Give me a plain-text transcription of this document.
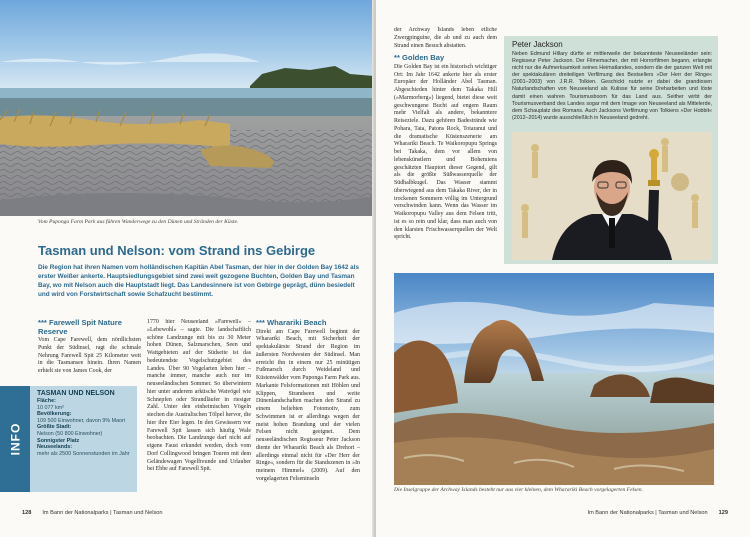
Vom Puponga Farm Park aus führen Wanderwege zu den Dünen und Stränden der Küste.
Tasman und Nelson: vom Strand ins Gebirge
Die Region hat ihren Namen vom holländischen Kapitän Abel Tasman, der hier in der Golden Bay 1642 als erster Weißer ankerte. Hauptsiedlungsgebiet sind zwei weit gezogene Buchten, Golden Bay und Tasman Bay, wo mit Nelson auch die Hauptstadt liegt. Das Landesinnere ist von Gebirge geprägt, dünn besiedelt und wird von Forstwirtschaft sowie Schafzucht bestimmt.
*** Farewell Spit Nature Reserve

Vom Cape Farewell, dem nördlichsten Punkt der Südinsel, ragt die schmale Nehrung Farewell Spit 25 Kilometer weit in die Tasmansee hinein. Ihren Namen erhielt sie von James Cook, der

1770 hier Neuseeland »Farewell« – »Lebewohl« – sagte. Die landschaftlich schöne Landzunge mit bis zu 30 Meter hohen Dünen, Salzmarschen, Seen und Wattgebieten auf der Südseite ist das bedeutendste Vogelschutzgebiet des Landes. Über 90 Vogelarten leben hier – manche immer, manche auch nur im neuseeländischen Sommer. So überwintern hier unter anderem arktische Watvögel wie Schnepfen oder Strandläufer in riesiger Zahl. Unter den einheimischen Vögeln stechen die Australischen Tölpel hervor, die hier ihre Eier legen. In den Gewässern vor Farewell Spit lassen sich häufig Wale beobachten. Die Landzunge darf nicht auf eigene Faust erkundet werden, doch vom Dorf Collingwood bringen Touren mit dem Geländewagen Vogelfreunde und Urlauber bei Ebbe auf Farewell Spit.

*** Wharariki Beach

Direkt am Cape Farewell beginnt der Wharariki Beach, mit Sicherheit der spektakulärste Strand der Region im äußersten Nordwesten der Südinsel. Man erreicht ihn in einem nur 25 minütigen Fußmarsch durch Weideland und Küstenwälder vom Puponga Farm Park aus. Markante Felsformationen mit Höhlen und Klippen, Strandseen und weite Dünenlandschaften machen den Strand zu einem beliebten Fotomotiv, zum Schwimmen ist er allerdings wegen der meist hohen Brandung und der vielen Felsen nicht geeignet. Dem neuseeländischen Regisseur Peter Jackson diente der Wharariki Beach als Drehort – allerdings einmal nicht für »Der Herr der Ringe«, sondern für die Standszenen in »In meinem Himmel« (2009). Auf den vorgelagerten Felseninseln

INFO
TASMAN UND NELSON
Fläche:
10 077 km²
Bevölkerung:
109 500 Einwohner, davon 9% Maori
Größte Stadt:
Nelson (50 800 Einwohner)
Sonnigster Platz
Neuseelands:
mehr als 2500 Sonnenstunden im Jahr
128 Im Bann der Nationalparks | Tasman und Nelson

der Archway Islands leben etliche Zwergpinguine, die ab und zu auch dem Strand einen Besuch abstatten.

** Golden Bay

Die Golden Bay ist ein historisch wichtiger Ort: Im Jahr 1642 ankerte hier als erster Europäer der Holländer Abel Tasman. Abgeschieden hinter dem Takaka Hill (»Marmorberg«) liegend, bietet diese weit geschwungene Bucht auf engem Raum mehr Vielfalt als andere, bekanntere Reiseziele. Dazu gehören Badestrände wie Pohara, Tata, Patons Rock, Totaranui und die dramatische Küstenszenerie am Wharariki Beach. Te Waikoropupu Springs bei Takaka, dem vor allem von lebenskünstlern und Bohemiens geschätzten Hauptort dieser Gegend, gilt als die größte Süßwasserquelle der Südhalbkugel. Das Wasser stammt überwiegend aus dem Takaka River, der in trockenen Sommern völlig im Untergrund verschwinden kann. Wenn das Wasser im Waikoropupu Valley aus dem Felsen tritt, ist es so rein und klar, dass man auch von den klarsten Frischwasserquellen der Welt spricht.

Peter Jackson
Neben Edmund Hillary dürfte er mittlerweile der bekannteste Neuseeländer sein: Regisseur Peter Jackson. Der Filmemacher, der mit Horrorfilmen begann, erlangte nicht nur die Aufmerksamkeit seines Heimatlandes, sondern die der ganzen Welt mit der spektakulären dreiteiligen Verfilmung des Bestsellers »Der Herr der Ringe« (2001–2003) von J.R.R. Tolkien. Geschickt nutzte er dabei die grandiosen Naturlandschaften von Neuseeland als Kulisse für seine Dreharbeiten und löste damit einen wahren Tourismusboom für das Land aus. Seither wirbt der Tourismusverband des Landes sogar mit dem Image von Neuseeland als Mittelerde, dem Schauplatz des Romans. Auch Jacksons Verfilmung von Tolkiens »Der Hobbit« (2012–2014) wurde ausschließlich in Neuseeland gedreht.
Die Inselgruppe der Archway Islands besteht nur aus vier kleinen, dem Wharariki Beach vorgelagerten Felsen.
Im Bann der Nationalparks | Tasman und Nelson 129
